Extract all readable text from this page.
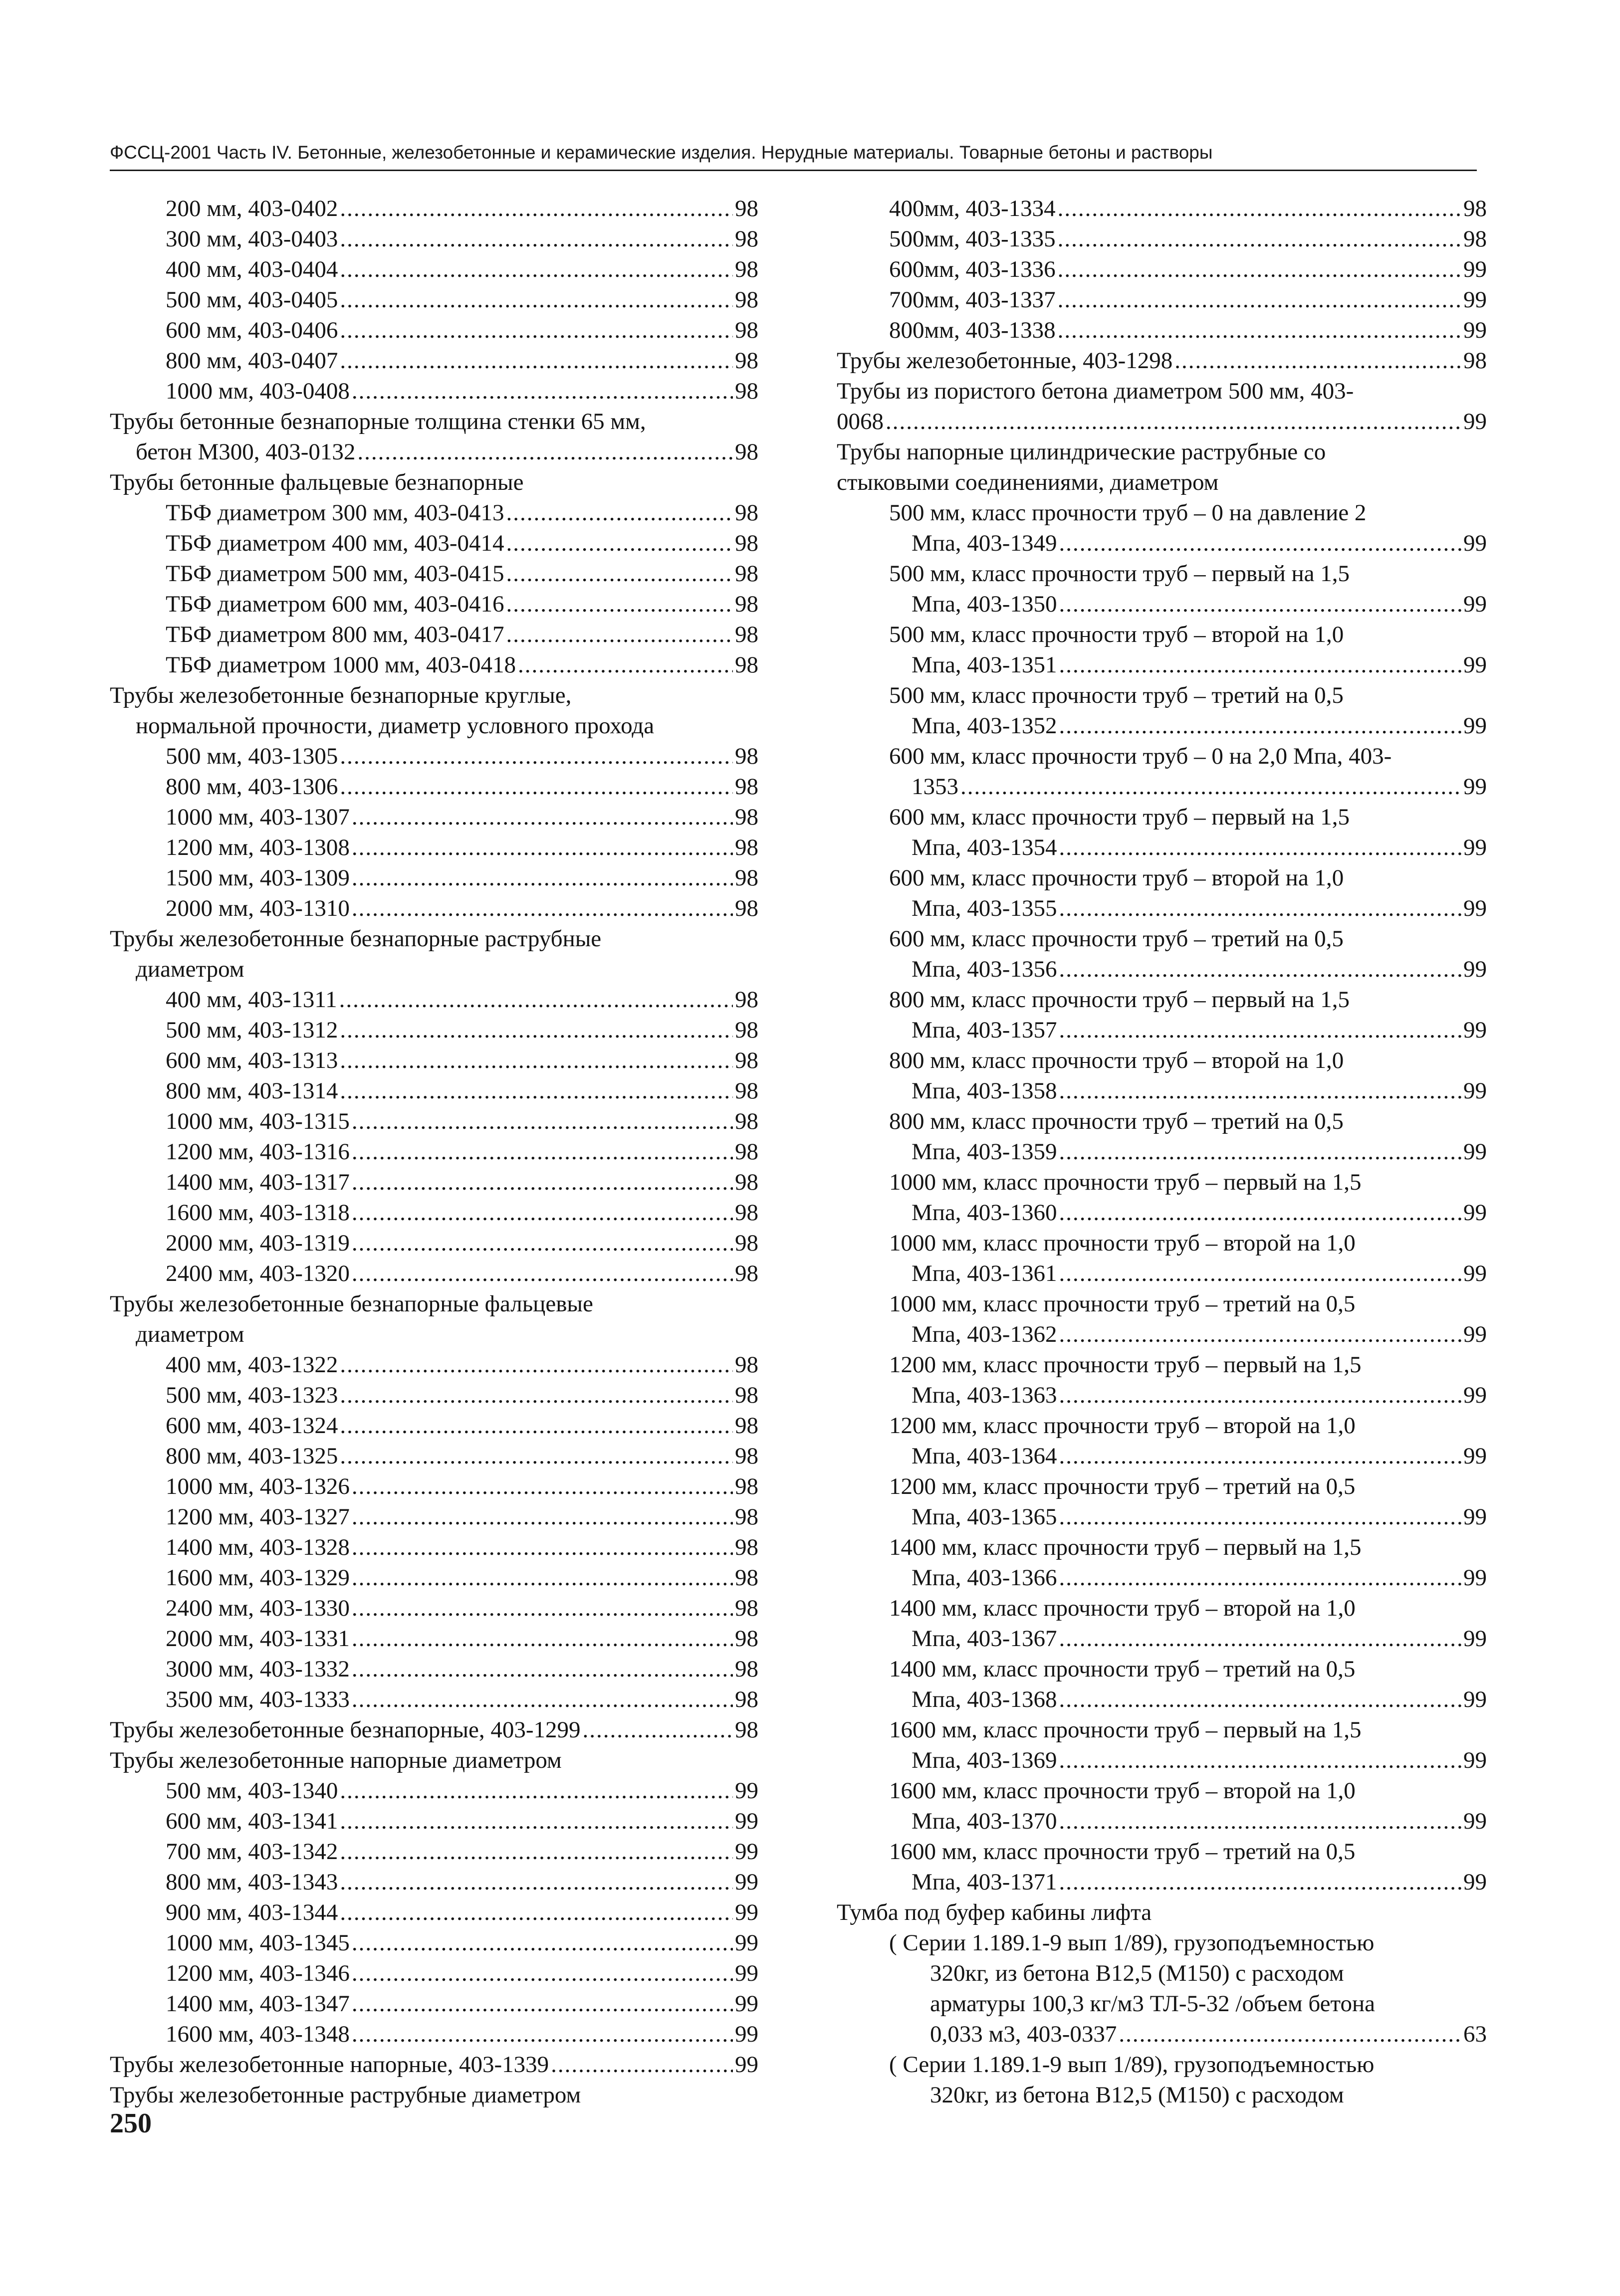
ФССЦ-2001 Часть IV. Бетонные, железобетонные и керамические изделия. Нерудные материалы. Товарные бетоны и растворы
200 мм, 403-0402 .....	98
300 мм, 403-0403 .....	98
400 мм, 403-0404 .....	98
500 мм, 403-0405 .....	98
600 мм, 403-0406 .....	98
800 мм, 403-0407 .....	98
1000 мм, 403-0408 .....	98
Трубы бетонные безнапорные толщина стенки 65 мм,
бетон М300, 403-0132 .....	98
Трубы бетонные фальцевые безнапорные
ТБФ диаметром 300 мм, 403-0413 .....	98
ТБФ диаметром 400 мм, 403-0414 .....	98
ТБФ диаметром 500 мм, 403-0415 .....	98
ТБФ диаметром 600 мм, 403-0416 .....	98
ТБФ диаметром 800 мм, 403-0417 .....	98
ТБФ диаметром 1000 мм, 403-0418 .....	98
Трубы железобетонные безнапорные круглые,
нормальной прочности, диаметр условного прохода
500 мм, 403-1305 .....	98
800 мм, 403-1306 .....	98
1000 мм, 403-1307 .....	98
1200 мм, 403-1308 .....	98
1500 мм, 403-1309 .....	98
2000 мм, 403-1310 .....	98
Трубы железобетонные безнапорные раструбные
диаметром
400 мм, 403-1311 .....	98
500 мм, 403-1312 .....	98
600 мм, 403-1313 .....	98
800 мм, 403-1314 .....	98
1000 мм, 403-1315 .....	98
1200 мм, 403-1316 .....	98
1400 мм, 403-1317 .....	98
1600 мм, 403-1318 .....	98
2000 мм, 403-1319 .....	98
2400 мм, 403-1320 .....	98
Трубы железобетонные безнапорные фальцевые
диаметром
400 мм, 403-1322 .....	98
500 мм, 403-1323 .....	98
600 мм, 403-1324 .....	98
800 мм, 403-1325 .....	98
1000 мм, 403-1326 .....	98
1200 мм, 403-1327 .....	98
1400 мм, 403-1328 .....	98
1600 мм, 403-1329 .....	98
2400 мм, 403-1330 .....	98
2000 мм, 403-1331 .....	98
3000 мм, 403-1332 .....	98
3500 мм, 403-1333 .....	98
Трубы железобетонные безнапорные, 403-1299 .....	98
Трубы железобетонные напорные диаметром
500 мм, 403-1340 .....	99
600 мм, 403-1341 .....	99
700 мм, 403-1342 .....	99
800 мм, 403-1343 .....	99
900 мм, 403-1344 .....	99
1000 мм, 403-1345 .....	99
1200 мм, 403-1346 .....	99
1400 мм, 403-1347 .....	99
1600 мм, 403-1348 .....	99
Трубы железобетонные напорные, 403-1339 .....	99
Трубы железобетонные раструбные диаметром
400мм, 403-1334 .....	98
500мм, 403-1335 .....	98
600мм, 403-1336 .....	99
700мм, 403-1337 .....	99
800мм, 403-1338 .....	99
Трубы железобетонные, 403-1298 .....	98
Трубы из пористого бетона диаметром 500 мм, 403-
0068 .....	99
Трубы напорные цилиндрические раструбные со
стыковыми соединениями, диаметром
500 мм, класс прочности труб – 0 на давление 2
Мпа, 403-1349 .....	99
500 мм, класс прочности труб – первый на 1,5
Мпа, 403-1350 .....	99
500 мм, класс прочности труб – второй на 1,0
Мпа, 403-1351 .....	99
500 мм, класс прочности труб – третий на 0,5
Мпа, 403-1352 .....	99
600 мм, класс прочности труб – 0 на 2,0 Мпа, 403-
1353 .....	99
600 мм, класс прочности труб – первый на 1,5
Мпа, 403-1354 .....	99
600 мм, класс прочности труб – второй на 1,0
Мпа, 403-1355 .....	99
600 мм, класс прочности труб – третий на 0,5
Мпа, 403-1356 .....	99
800 мм, класс прочности труб – первый на 1,5
Мпа, 403-1357 .....	99
800 мм, класс прочности труб – второй на 1,0
Мпа, 403-1358 .....	99
800 мм, класс прочности труб – третий на 0,5
Мпа, 403-1359 .....	99
1000 мм, класс прочности труб – первый на 1,5
Мпа, 403-1360 .....	99
1000 мм, класс прочности труб – второй на 1,0
Мпа, 403-1361 .....	99
1000 мм, класс прочности труб – третий на 0,5
Мпа, 403-1362 .....	99
1200 мм, класс прочности труб – первый на 1,5
Мпа, 403-1363 .....	99
1200 мм, класс прочности труб – второй на 1,0
Мпа, 403-1364 .....	99
1200 мм, класс прочности труб – третий на 0,5
Мпа, 403-1365 .....	99
1400 мм, класс прочности труб – первый на 1,5
Мпа, 403-1366 .....	99
1400 мм, класс прочности труб – второй на 1,0
Мпа, 403-1367 .....	99
1400 мм, класс прочности труб – третий на 0,5
Мпа, 403-1368 .....	99
1600 мм, класс прочности труб – первый на 1,5
Мпа, 403-1369 .....	99
1600 мм, класс прочности труб – второй на 1,0
Мпа, 403-1370 .....	99
1600 мм, класс прочности труб – третий на 0,5
Мпа, 403-1371 .....	99
Тумба под буфер кабины лифта
( Серии 1.189.1-9 вып 1/89), грузоподъемностью
320кг, из бетона В12,5 (М150) с расходом
арматуры 100,3 кг/м3 ТЛ-5-32 /объем бетона
0,033 м3, 403-0337 .....	63
( Серии 1.189.1-9 вып 1/89), грузоподъемностью
320кг, из бетона В12,5 (М150) с расходом
250
